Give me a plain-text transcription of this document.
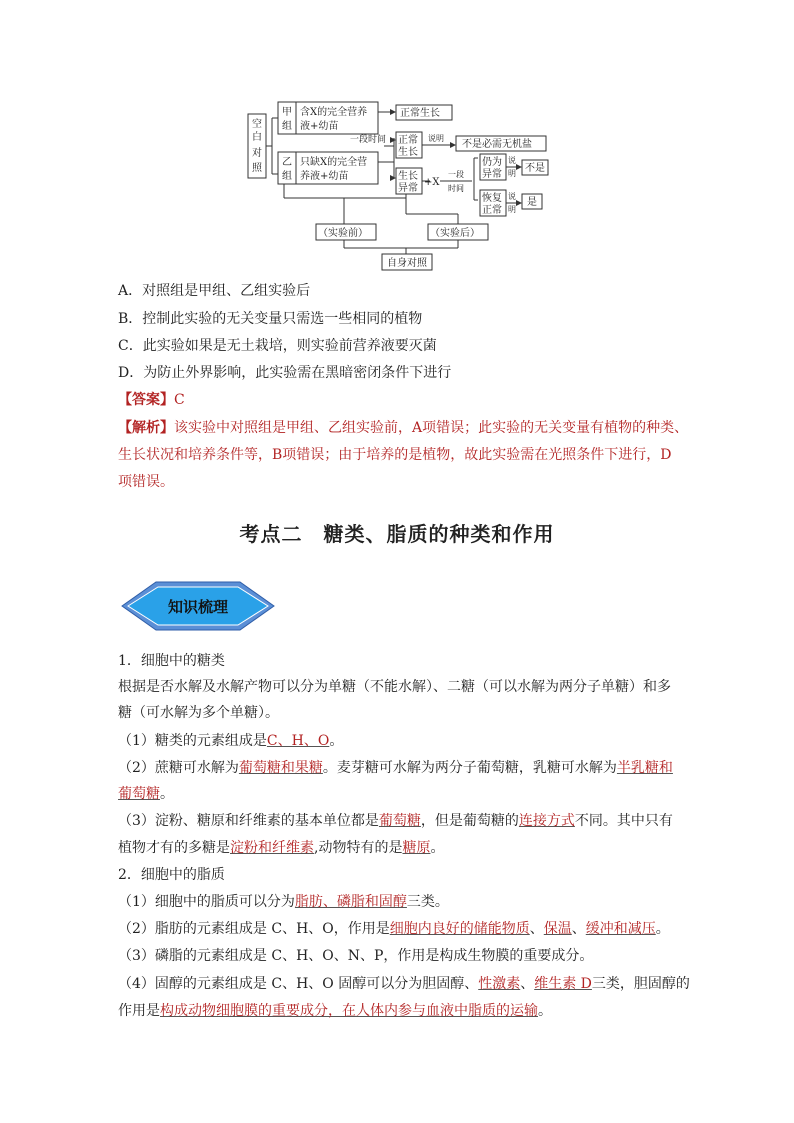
空
白
对
照
甲
组
含X的完全营养
液+幼苗
乙
组
只缺X的完全营
养液+幼苗
正常生长
一段时间 正常
生长
说明
不是必需无机盐
生长
异常
+X
一段
时间
仍为
异常
说
明 不是
恢复
正常
说
明
是
（实验前）	（实验后）
自身对照
A．对照组是甲组、乙组实验后
B．控制此实验的无关变量只需选一些相同的植物
C．此实验如果是无土栽培，则实验前营养液要灭菌
D．为防止外界影响，此实验需在黑暗密闭条件下进行
【答案】C
【解析】该实验中对照组是甲组、乙组实验前，A项错误；此实验的无关变量有植物的种类、
生长状况和培养条件等，B项错误；由于培养的是植物，故此实验需在光照条件下进行，D
项错误。
考点二　糖类、脂质的种类和作用
知识梳理
1．细胞中的糖类
根据是否水解及水解产物可以分为单糖（不能水解）、二糖（可以水解为两分子单糖）和多
糖（可水解为多个单糖）。
（1）糖类的元素组成是C、H、O。
（2）蔗糖可水解为葡萄糖和果糖。麦芽糖可水解为两分子葡萄糖，乳糖可水解为半乳糖和
葡萄糖。
（3）淀粉、糖原和纤维素的基本单位都是葡萄糖，但是葡萄糖的连接方式不同。其中只有
植物才有的多糖是淀粉和纤维素,动物特有的是糖原。
2．细胞中的脂质
（1）细胞中的脂质可以分为脂肪、磷脂和固醇三类。
（2）脂肪的元素组成是 C、H、O，作用是细胞内良好的储能物质、保温、缓冲和减压。
（3）磷脂的元素组成是 C、H、O、N、P，作用是构成生物膜的重要成分。
（4）固醇的元素组成是 C、H、O 固醇可以分为胆固醇、性激素、维生素 D三类，胆固醇的
作用是构成动物细胞膜的重要成分，在人体内参与血液中脂质的运输。
